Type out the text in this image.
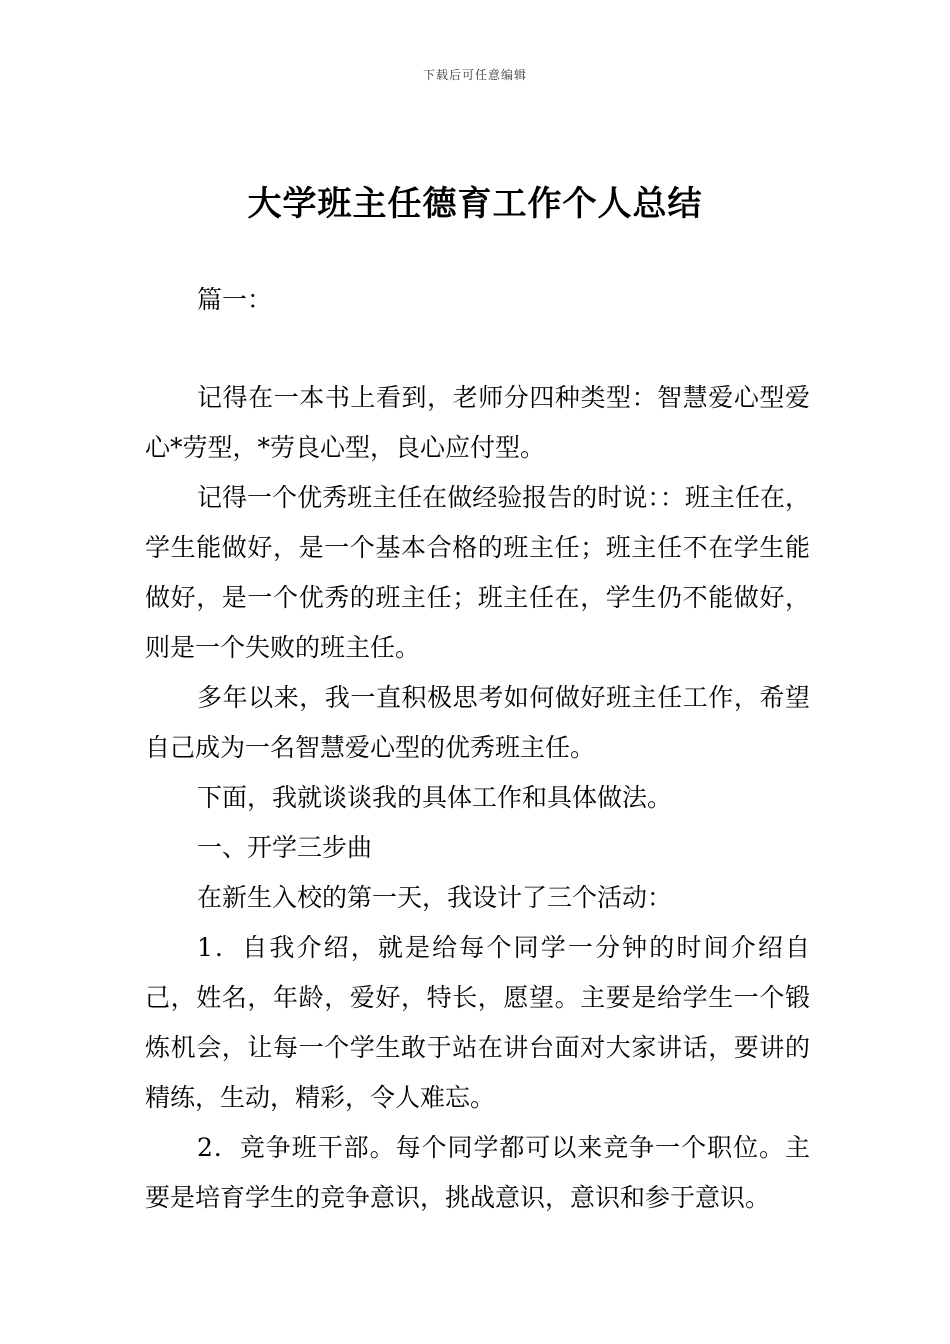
下载后可任意编辑
大学班主任德育工作个人总结
篇一：

记得在一本书上看到，老师分四种类型：智慧爱心型爱心*劳型，*劳良心型，良心应付型。

记得一个优秀班主任在做经验报告的时说：：班主任在，学生能做好，是一个基本合格的班主任；班主任不在学生能做好，是一个优秀的班主任；班主任在，学生仍不能做好，则是一个失败的班主任。

多年以来，我一直积极思考如何做好班主任工作，希望自己成为一名智慧爱心型的优秀班主任。

下面，我就谈谈我的具体工作和具体做法。

一、开学三步曲

在新生入校的第一天，我设计了三个活动：

1．自我介绍，就是给每个同学一分钟的时间介绍自己，姓名，年龄，爱好，特长，愿望。主要是给学生一个锻炼机会，让每一个学生敢于站在讲台面对大家讲话，要讲的精练，生动，精彩，令人难忘。

2．竞争班干部。每个同学都可以来竞争一个职位。主要是培育学生的竞争意识，挑战意识，意识和参于意识。
